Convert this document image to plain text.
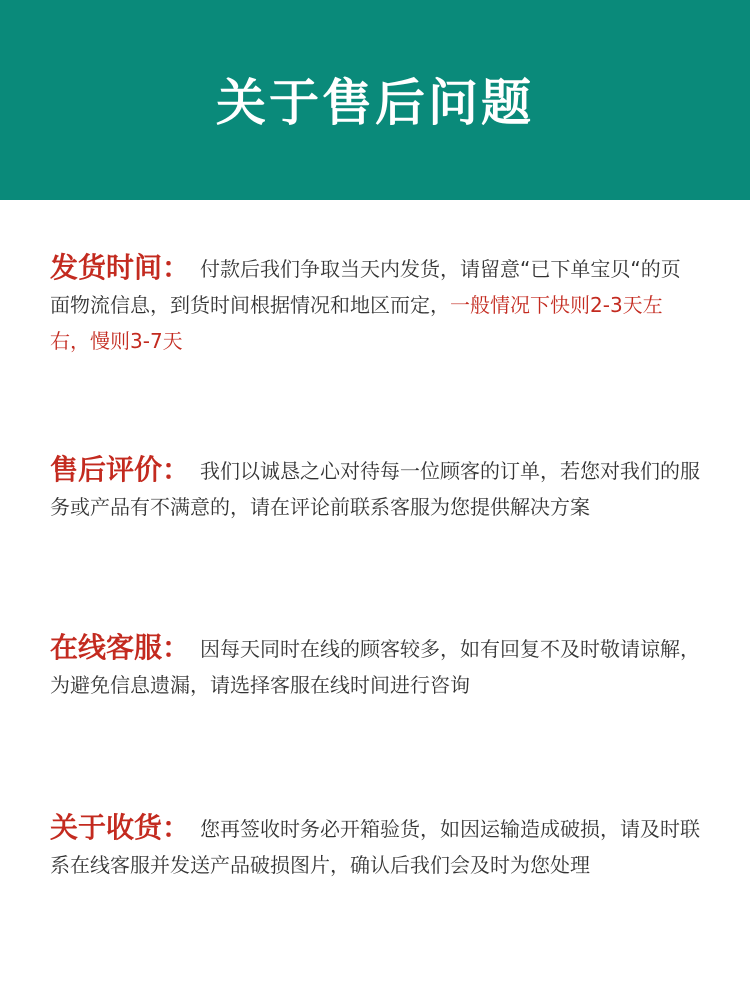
关于售后问题
发货时间： 付款后我们争取当天内发货，请留意“已下单宝贝“的页面物流信息，到货时间根据情况和地区而定，一般情况下快则2-3天左右，慢则3-7天
售后评价： 我们以诚恳之心对待每一位顾客的订单，若您对我们的服务或产品有不满意的，请在评论前联系客服为您提供解决方案
在线客服： 因每天同时在线的顾客较多，如有回复不及时敬请谅解，为避免信息遗漏，请选择客服在线时间进行咨询
关于收货： 您再签收时务必开箱验货，如因运输造成破损，请及时联系在线客服并发送产品破损图片，确认后我们会及时为您处理
